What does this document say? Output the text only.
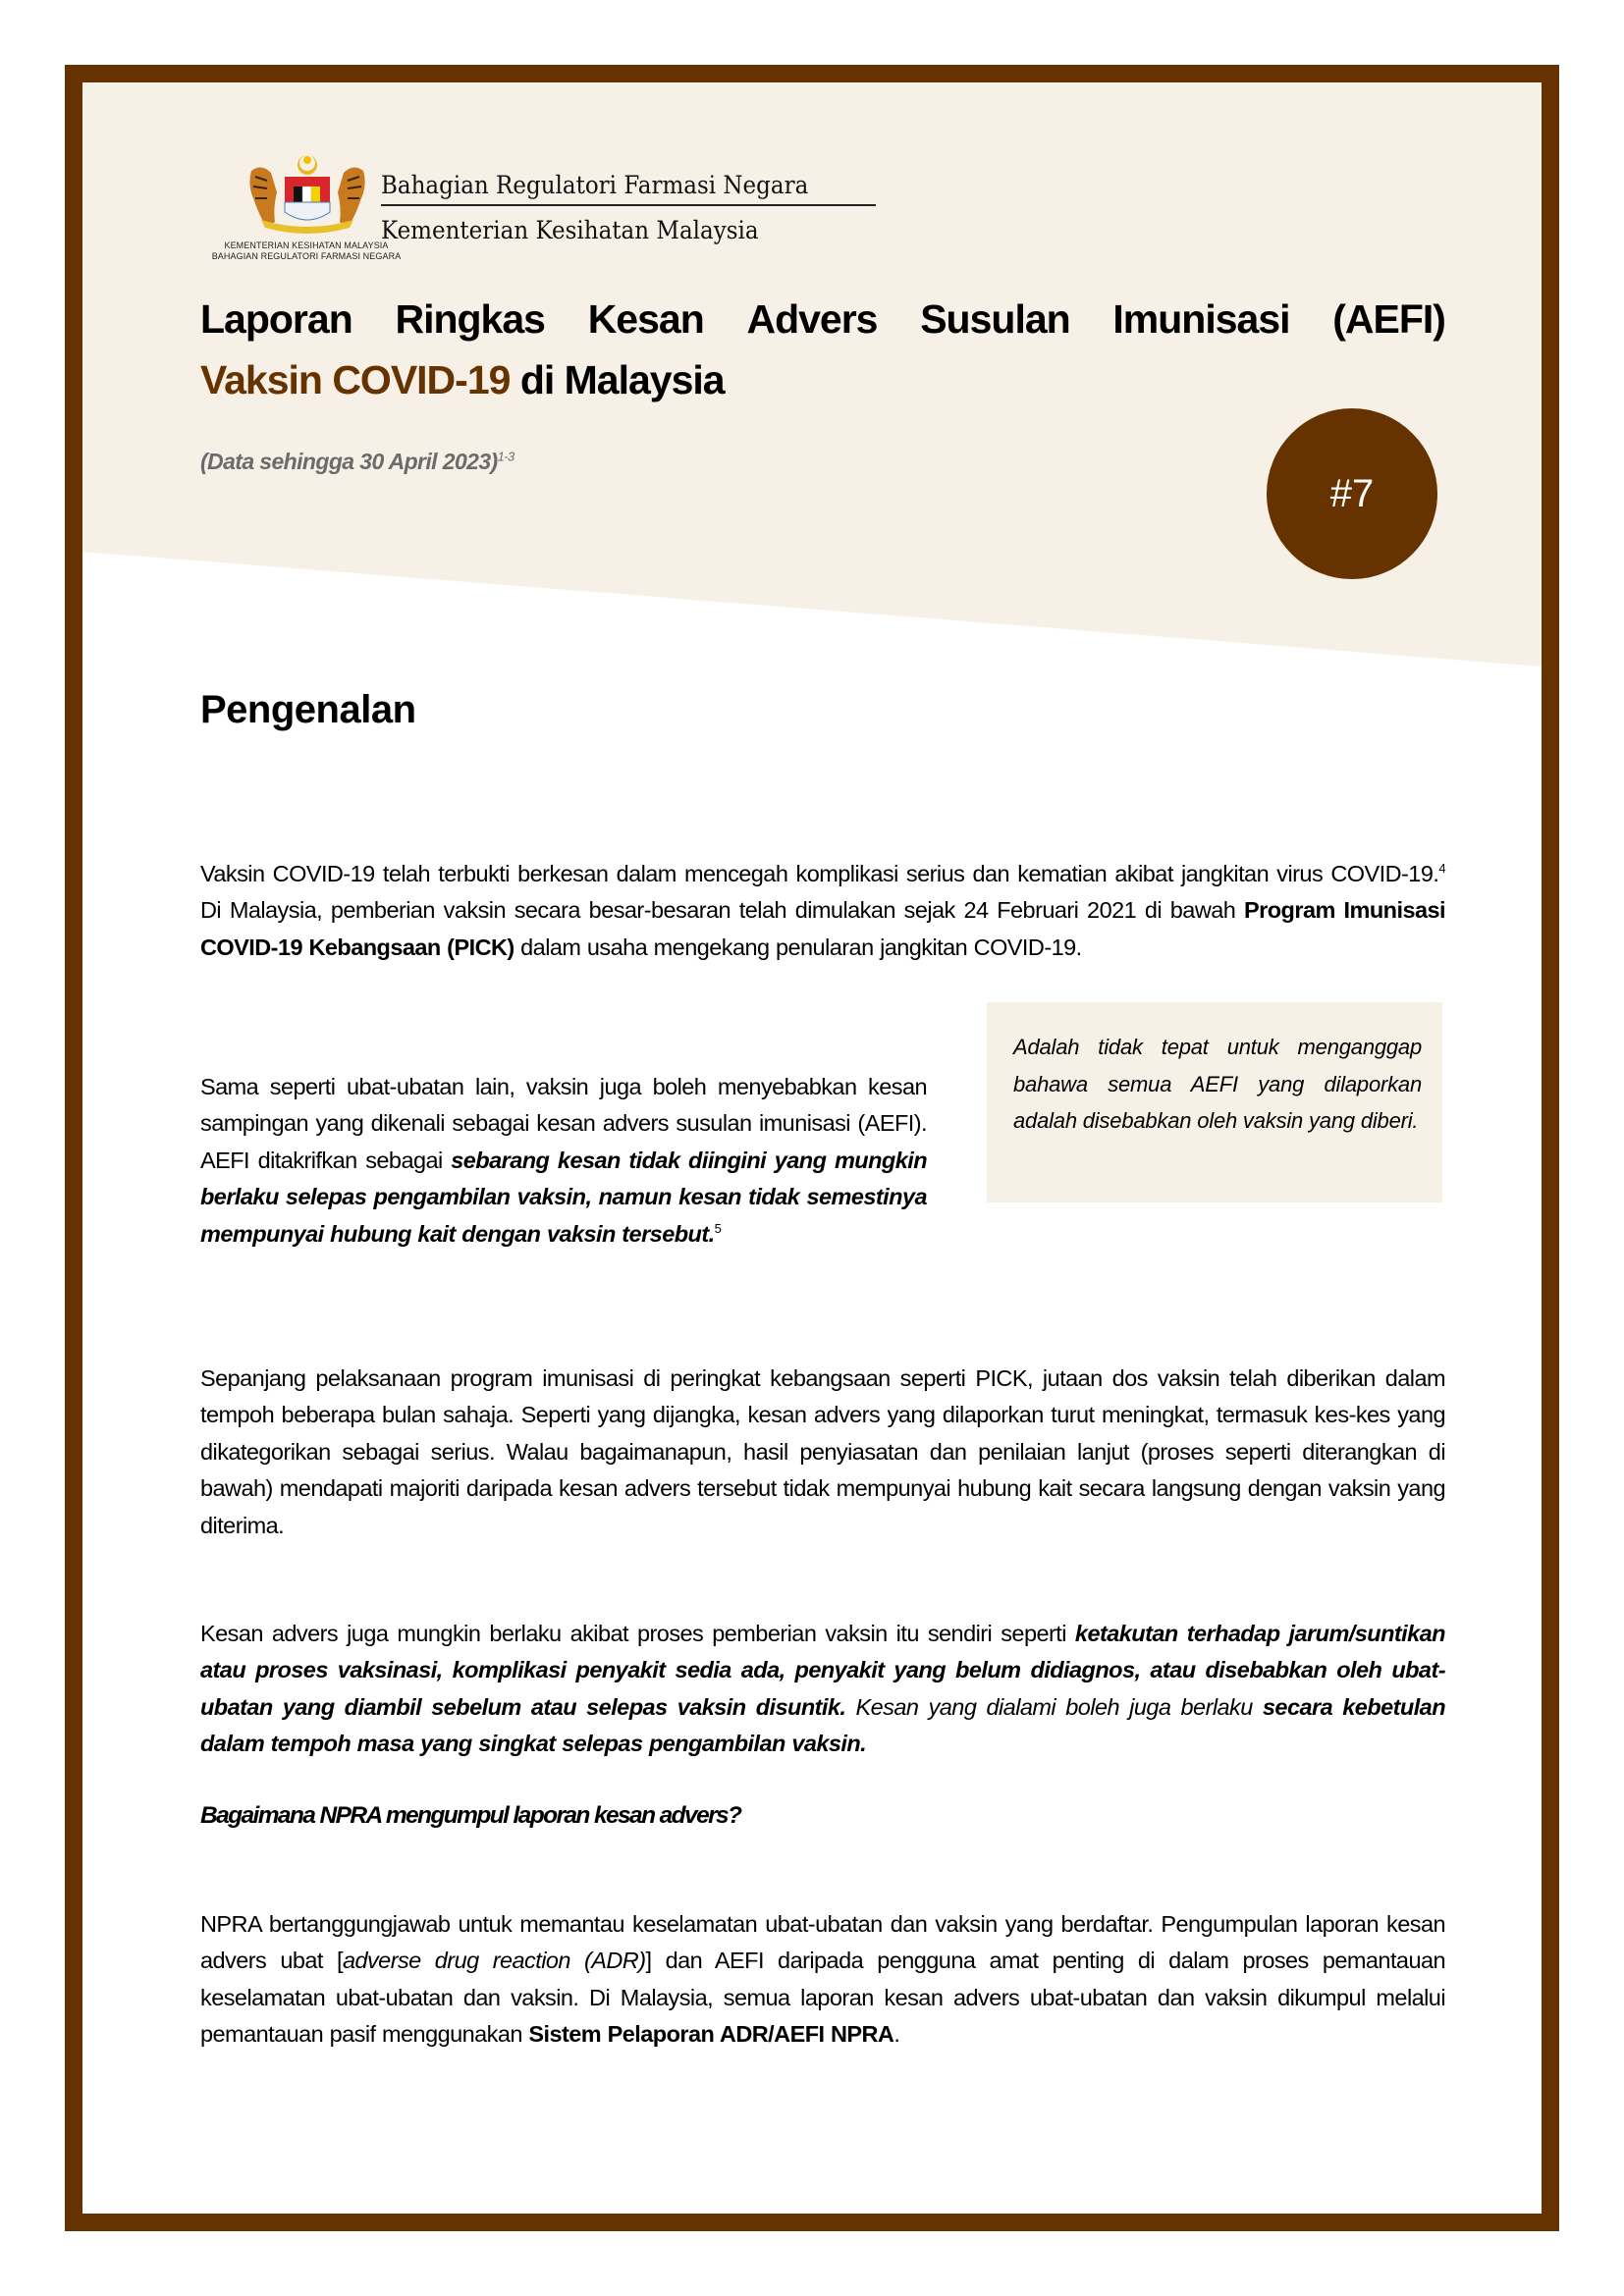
KEMENTERIAN KESIHATAN MALAYSIA
BAHAGIAN REGULATORI FARMASI NEGARA
Bahagian Regulatori Farmasi Negara
Kementerian Kesihatan Malaysia
Laporan Ringkas Kesan Advers Susulan Imunisasi (AEFI)
Vaksin COVID-19 di Malaysia
(Data sehingga 30 April 2023)$^{1-3}$
#7
Pengenalan
Vaksin COVID-19 telah terbukti berkesan dalam mencegah komplikasi serius dan kematian akibat jangkitan virus COVID-19.$^4$ Di Malaysia, pemberian vaksin secara besar-besaran telah dimulakan sejak 24 Februari 2021 di bawah Program Imunisasi COVID-19 Kebangsaan (PICK) dalam usaha mengekang penularan jangkitan COVID-19.
Sama seperti ubat-ubatan lain, vaksin juga boleh menyebabkan kesan sampingan yang dikenali sebagai kesan advers susulan imunisasi (AEFI). AEFI ditakrifkan sebagai sebarang kesan tidak diingini yang mungkin berlaku selepas pengambilan vaksin, namun kesan tidak semestinya mempunyai hubung kait dengan vaksin tersebut.$^5$
Adalah tidak tepat untuk menganggap bahawa semua AEFI yang dilaporkan adalah disebabkan oleh vaksin yang diberi.
Sepanjang pelaksanaan program imunisasi di peringkat kebangsaan seperti PICK, jutaan dos vaksin telah diberikan dalam tempoh beberapa bulan sahaja. Seperti yang dijangka, kesan advers yang dilaporkan turut meningkat, termasuk kes-kes yang dikategorikan sebagai serius. Walau bagaimanapun, hasil penyiasatan dan penilaian lanjut (proses seperti diterangkan di bawah) mendapati majoriti daripada kesan advers tersebut tidak mempunyai hubung kait secara langsung dengan vaksin yang diterima.
Kesan advers juga mungkin berlaku akibat proses pemberian vaksin itu sendiri seperti ketakutan terhadap jarum/suntikan atau proses vaksinasi, komplikasi penyakit sedia ada, penyakit yang belum didiagnos, atau disebabkan oleh ubat-ubatan yang diambil sebelum atau selepas vaksin disuntik. Kesan yang dialami boleh juga berlaku secara kebetulan dalam tempoh masa yang singkat selepas pengambilan vaksin.
Bagaimana NPRA mengumpul laporan kesan advers?
NPRA bertanggungjawab untuk memantau keselamatan ubat-ubatan dan vaksin yang berdaftar. Pengumpulan laporan kesan advers ubat [adverse drug reaction (ADR)] dan AEFI daripada pengguna amat penting di dalam proses pemantauan keselamatan ubat-ubatan dan vaksin. Di Malaysia, semua laporan kesan advers ubat-ubatan dan vaksin dikumpul melalui pemantauan pasif menggunakan Sistem Pelaporan ADR/AEFI NPRA.
